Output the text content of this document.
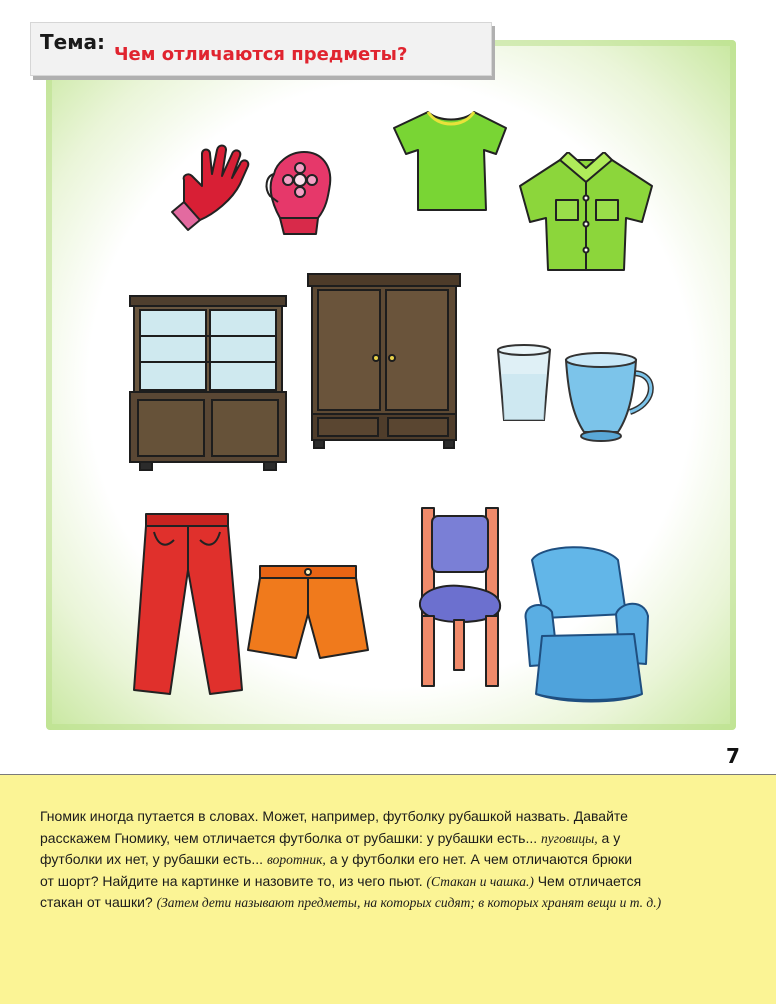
Тема:
Чем отличаются предметы?
7
Гномик иногда путается в словах. Может, например, футболку рубашкой назвать. Давайте
расскажем Гномику, чем отличается футболка от рубашки: у рубашки есть... пуговицы, а у
футболки их нет, у рубашки есть... воротник, а у футболки его нет. А чем отличаются брюки
от шорт? Найдите на картинке и назовите то, из чего пьют. (Стакан и чашка.) Чем отличается
стакан от чашки? (Затем дети называют предметы, на которых сидят; в которых хранят вещи и т. д.)
